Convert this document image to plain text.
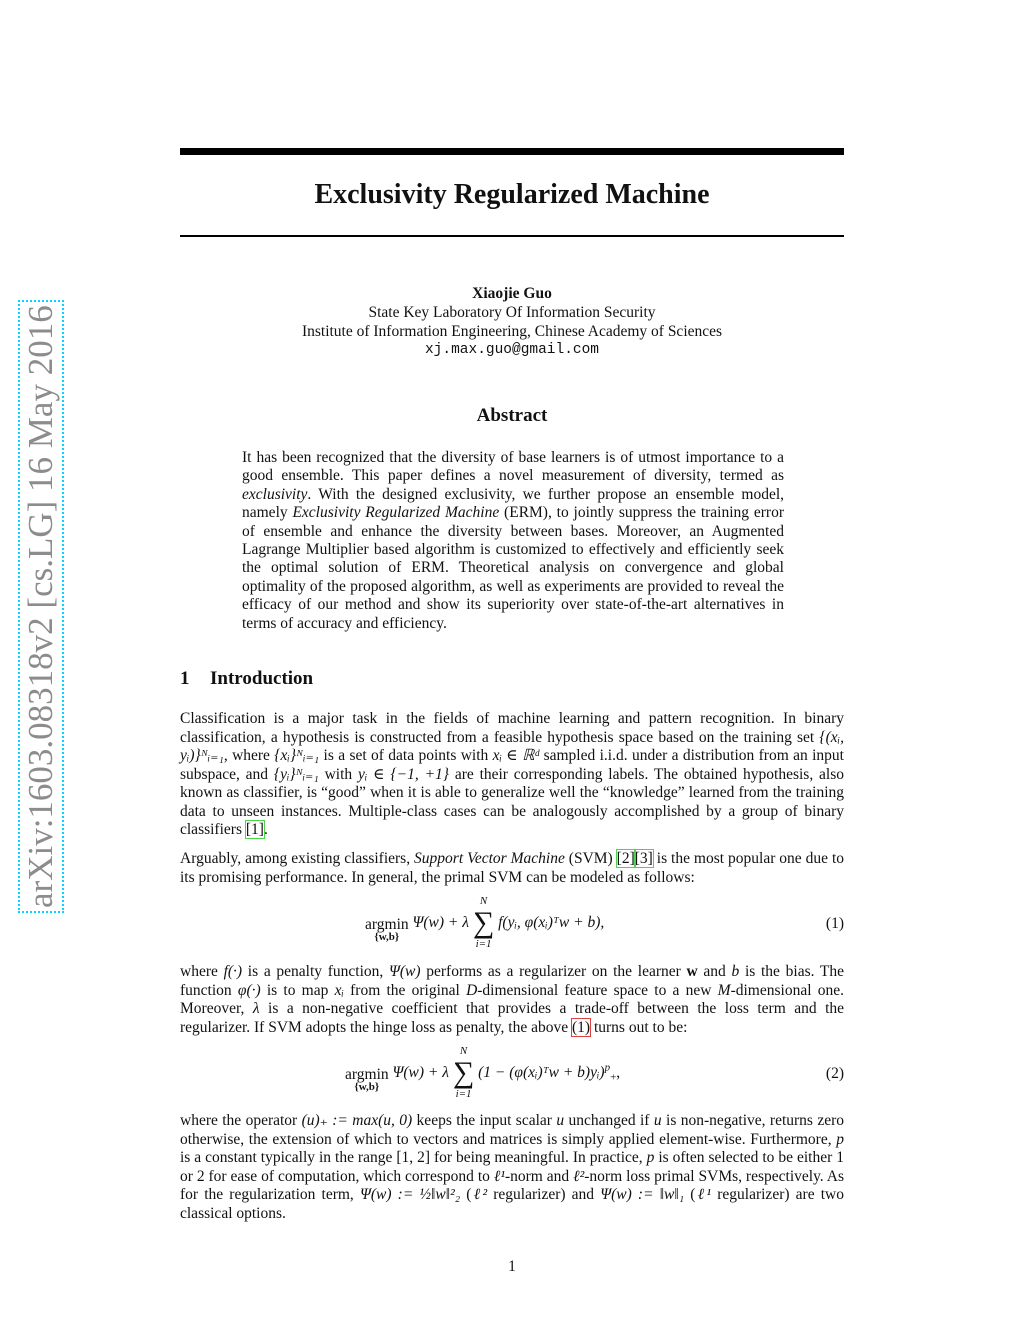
arXiv:1603.08318v2 [cs.LG] 16 May 2016
Exclusivity Regularized Machine
Xiaojie Guo
State Key Laboratory Of Information Security
Institute of Information Engineering, Chinese Academy of Sciences
xj.max.guo@gmail.com
Abstract
It has been recognized that the diversity of base learners is of utmost importance to a good ensemble. This paper defines a novel measurement of diversity, termed as exclusivity. With the designed exclusivity, we further propose an ensemble model, namely Exclusivity Regularized Machine (ERM), to jointly suppress the training error of ensemble and enhance the diversity between bases. Moreover, an Augmented Lagrange Multiplier based algorithm is customized to effectively and efficiently seek the optimal solution of ERM. Theoretical analysis on convergence and global optimality of the proposed algorithm, as well as experiments are provided to reveal the efficacy of our method and show its superiority over state-of-the-art alternatives in terms of accuracy and efficiency.
1 Introduction
Classification is a major task in the fields of machine learning and pattern recognition. In binary classification, a hypothesis is constructed from a feasible hypothesis space based on the training set {(xᵢ, yᵢ)}ᴺᵢ₌₁, where {xᵢ}ᴺᵢ₌₁ is a set of data points with xᵢ ∈ ℝᵈ sampled i.i.d. under a distribution from an input subspace, and {yᵢ}ᴺᵢ₌₁ with yᵢ ∈ {−1, +1} are their corresponding labels. The obtained hypothesis, also known as classifier, is “good” when it is able to generalize well the “knowledge” learned from the training data to unseen instances. Multiple-class cases can be analogously accomplished by a group of binary classifiers [1].
Arguably, among existing classifiers, Support Vector Machine (SVM) [2][3] is the most popular one due to its promising performance. In general, the primal SVM can be modeled as follows:
argmin
{w,b}
Ψ(w) + λ
N
∑
i=1
f(yᵢ, φ(xᵢ)ᵀw + b),	(1)
where f(·) is a penalty function, Ψ(w) performs as a regularizer on the learner w and b is the bias. The function φ(·) is to map xᵢ from the original D-dimensional feature space to a new M-dimensional one. Moreover, λ is a non-negative coefficient that provides a trade-off between the loss term and the regularizer. If SVM adopts the hinge loss as penalty, the above (1) turns out to be:
argmin
{w,b}
Ψ(w) + λ
N
∑
i=1
(1 − (φ(xᵢ)ᵀw + b)yᵢ)$^p_+$,	(2)
where the operator (u)₊ := max(u, 0) keeps the input scalar u unchanged if u is non-negative, returns zero otherwise, the extension of which to vectors and matrices is simply applied element-wise. Furthermore, p is a constant typically in the range [1, 2] for being meaningful. In practice, p is often selected to be either 1 or 2 for ease of computation, which correspond to ℓ¹-norm and ℓ²-norm loss primal SVMs, respectively. As for the regularization term, Ψ(w) := ½‖w‖²₂ (ℓ² regularizer) and Ψ(w) := ‖w‖₁ (ℓ¹ regularizer) are two classical options.
1
